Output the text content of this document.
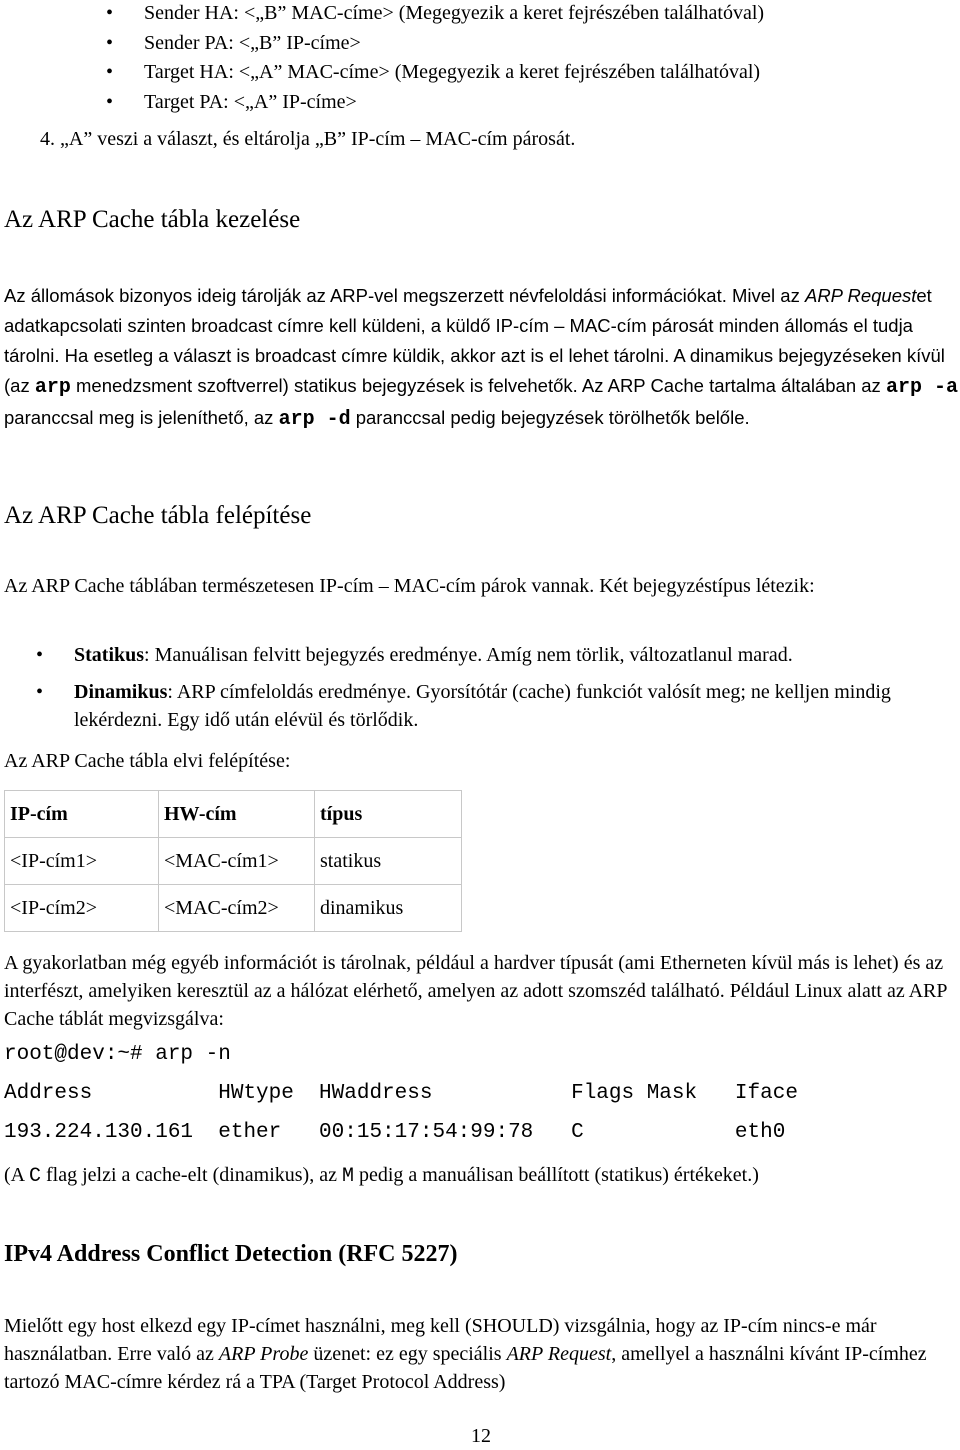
• Sender HA: <„B” MAC-címe> (Megegyezik a keret fejrészében találhatóval)
• Sender PA: <„B” IP-címe>
• Target HA: <„A” MAC-címe> (Megegyezik a keret fejrészében találhatóval)
• Target PA: <„A” IP-címe>
4. „A” veszi a választ, és eltárolja „B” IP-cím – MAC-cím párosát.
Az ARP Cache tábla kezelése

Az állomások bizonyos ideig tárolják az ARP-vel megszerzett névfeloldási információkat. Mivel az ARP Requestet adatkapcsolati szinten broadcast címre kell küldeni, a küldő IP-cím – MAC-cím párosát minden állomás el tudja tárolni. Ha esetleg a választ is broadcast címre küldik, akkor azt is el lehet tárolni. A dinamikus bejegyzéseken kívül (az arp menedzsment szoftverrel) statikus bejegyzések is felvehetők. Az ARP Cache tartalma általában az arp -a paranccsal meg is jeleníthető, az arp -d paranccsal pedig bejegyzések törölhetők belőle.

Az ARP Cache tábla felépítése

Az ARP Cache táblában természetesen IP-cím – MAC-cím párok vannak. Két bejegyzéstípus létezik:

• Statikus: Manuálisan felvitt bejegyzés eredménye. Amíg nem törlik, változatlanul marad.
• Dinamikus: ARP címfeloldás eredménye. Gyorsítótár (cache) funkciót valósít meg; ne kelljen mindig lekérdezni. Egy idő után elévül és törlődik.

Az ARP Cache tábla elvi felépítése:

IP-cím	HW-cím	típus
<IP-cím1>	<MAC-cím1>	statikus
<IP-cím2>	<MAC-cím2>	dinamikus

A gyakorlatban még egyéb információt is tárolnak, például a hardver típusát (ami Etherneten kívül más is lehet) és az interfészt, amelyiken keresztül az a hálózat elérhető, amelyen az adott szomszéd található. Például Linux alatt az ARP Cache táblát megvizsgálva:

root@dev:~# arp -n
Address          HWtype  HWaddress           Flags Mask   Iface
193.224.130.161  ether   00:15:17:54:99:78   C            eth0

(A C flag jelzi a cache-elt (dinamikus), az M pedig a manuálisan beállított (statikus) értékeket.)

IPv4 Address Conflict Detection (RFC 5227)

Mielőtt egy host elkezd egy IP-címet használni, meg kell (SHOULD) vizsgálnia, hogy az IP-cím nincs-e már használatban. Erre való az ARP Probe üzenet: ez egy speciális ARP Request, amellyel a használni kívánt IP-címhez tartozó MAC-címre kérdez rá a TPA (Target Protocol Address)

12
